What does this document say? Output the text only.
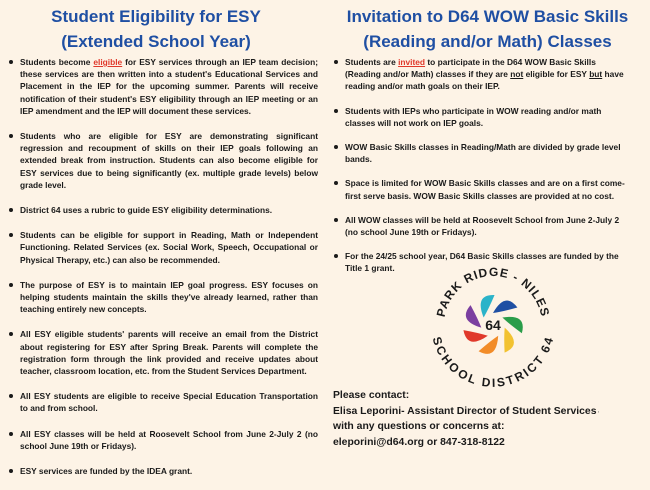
Student Eligibility for ESY
(Extended School Year)
Students become eligible for ESY services through an IEP team decision; these services are then written into a student's Educational Services and Placement in the IEP for the upcoming summer. Parents will receive notification of their student's ESY eligibility through an IEP meeting or an IEP amendment and the IEP will document these services.
Students who are eligible for ESY are demonstrating significant regression and recoupment of skills on their IEP goals following an extended break from instruction. Students can also become eligible for ESY services due to being significantly (ex. multiple grade levels) below grade level.
District 64 uses a rubric to guide ESY eligibility determinations.
Students can be eligible for support in Reading, Math or Independent Functioning. Related Services (ex. Social Work, Speech, Occupational or Physical Therapy, etc.) can also be recommended.
The purpose of ESY is to maintain IEP goal progress. ESY focuses on helping students maintain the skills they've already learned, rather than teaching entirely new concepts.
All ESY eligible students' parents will receive an email from the District about registering for ESY after Spring Break. Parents will complete the registration form through the link provided and receive updates about teacher, classroom location, etc. from the Student Services Department.
All ESY students are eligible to receive Special Education Transportation to and from school.
All ESY classes will be held at Roosevelt School from June 2-July 2 (no school June 19th or Fridays).
ESY services are funded by the IDEA grant.
Invitation to D64 WOW Basic Skills
(Reading and/or Math) Classes
Students are invited to participate in the D64 WOW Basic Skills (Reading and/or Math) classes if they are not eligible for ESY but have reading and/or math goals on their IEP.
Students with IEPs who participate in WOW reading and/or math classes will not work on IEP goals.
WOW Basic Skills classes in Reading/Math are divided by grade level bands.
Space is limited for WOW Basic Skills classes and are on a first come-first serve basis. WOW Basic Skills classes are provided at no cost.
All WOW classes will be held at Roosevelt School from June 2-July 2 (no school June 19th or Fridays).
For the 24/25 school year, D64 Basic Skills classes are funded by the Title 1 grant.
64
PARK RIDGE - NILES
SCHOOL DISTRICT 64

Please contact:

Elisa Leporini- Assistant Director of Student Services ,

with any questions or concerns at:

eleporini@d64.org or 847-318-8122
